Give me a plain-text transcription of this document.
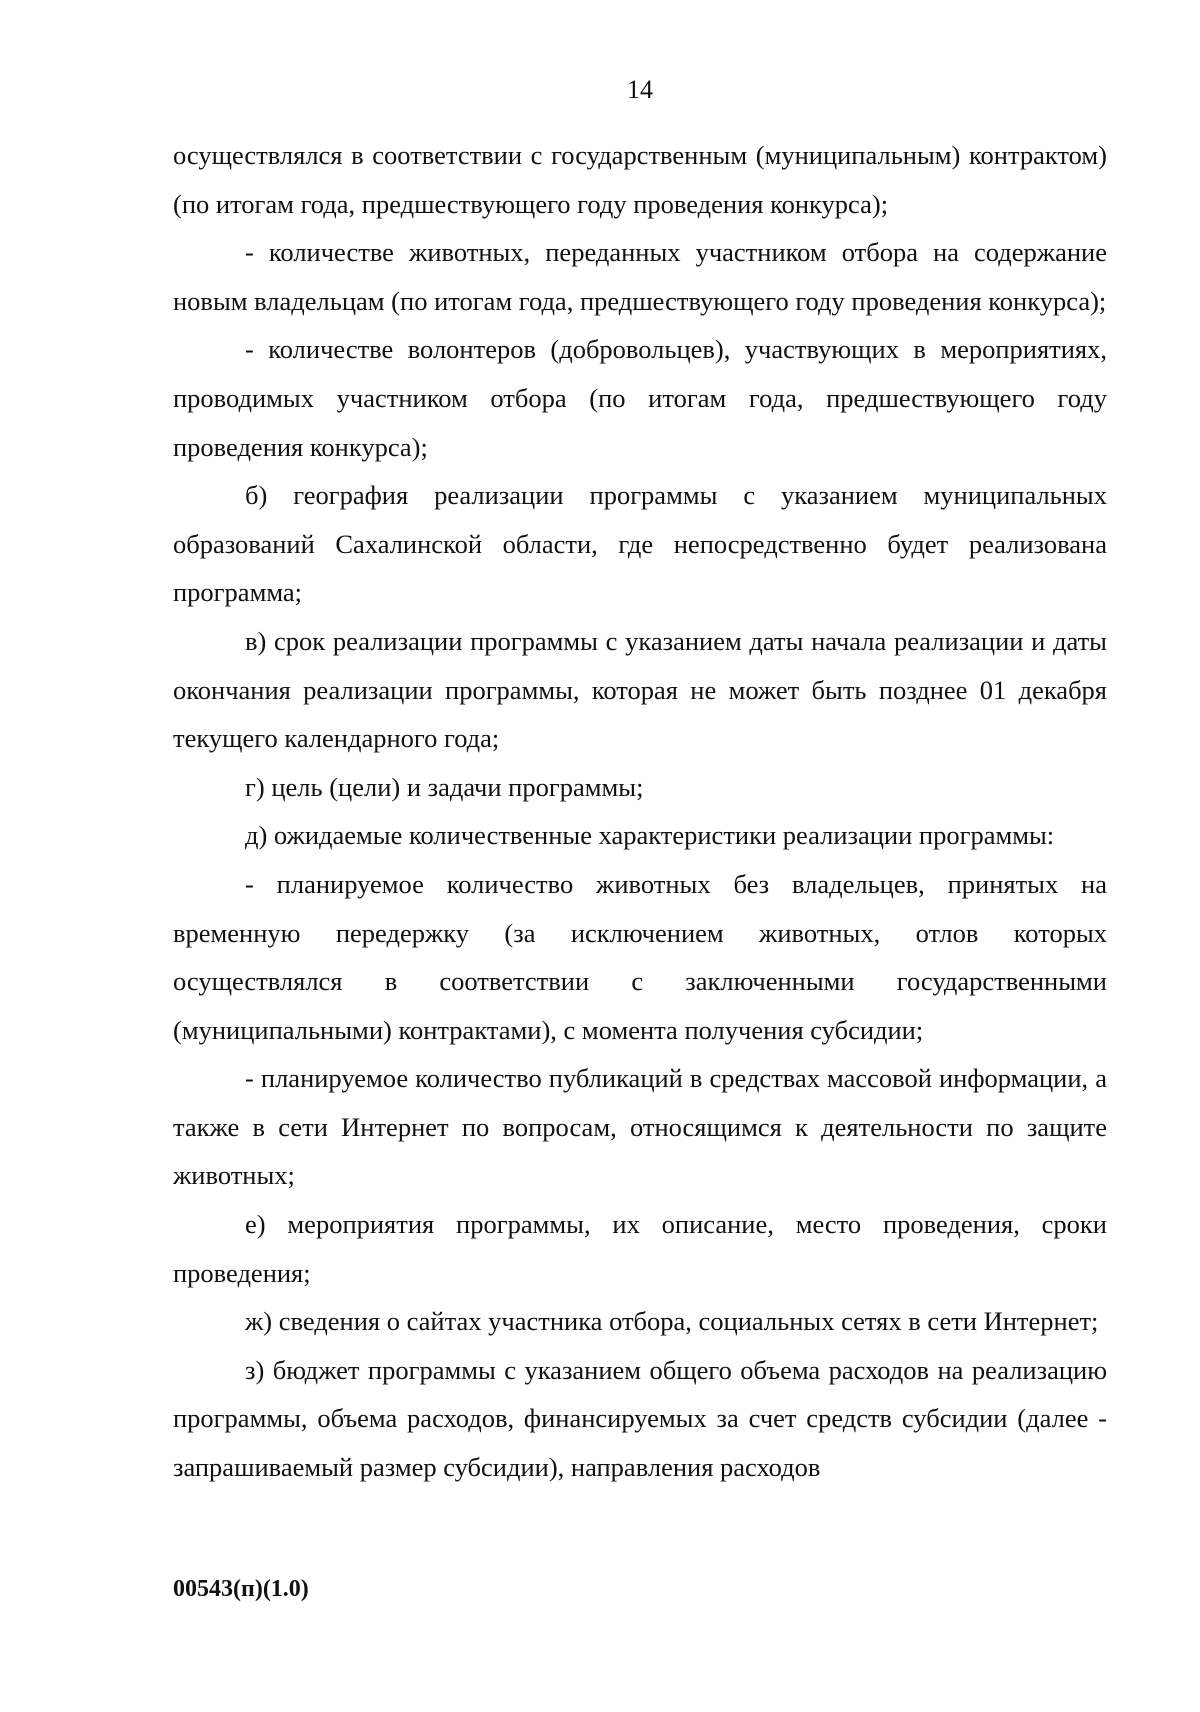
14

осуществлялся в соответствии с государственным (муниципальным) контрактом) (по итогам года, предшествующего году проведения конкурса);

- количестве животных, переданных участником отбора на содержание новым владельцам (по итогам года, предшествующего году проведения конкурса);

- количестве волонтеров (добровольцев), участвующих в мероприятиях, проводимых участником отбора (по итогам года, предшествующего году проведения конкурса);

б) география реализации программы с указанием муниципальных образований Сахалинской области, где непосредственно будет реализована программа;

в) срок реализации программы с указанием даты начала реализации и даты окончания реализации программы, которая не может быть позднее 01 декабря текущего календарного года;

г) цель (цели) и задачи программы;

д) ожидаемые количественные характеристики реализации программы:

- планируемое количество животных без владельцев, принятых на временную передержку (за исключением животных, отлов которых осуществлялся в соответствии с заключенными государственными (муниципальными) контрактами), с момента получения субсидии;

- планируемое количество публикаций в средствах массовой информации, а также в сети Интернет по вопросам, относящимся к деятельности по защите животных;

е) мероприятия программы, их описание, место проведения, сроки проведения;

ж) сведения о сайтах участника отбора, социальных сетях в сети Интернет;

з) бюджет программы с указанием общего объема расходов на реализацию программы, объема расходов, финансируемых за счет средств субсидии (далее - запрашиваемый размер субсидии), направления расходов

00543(п)(1.0)
